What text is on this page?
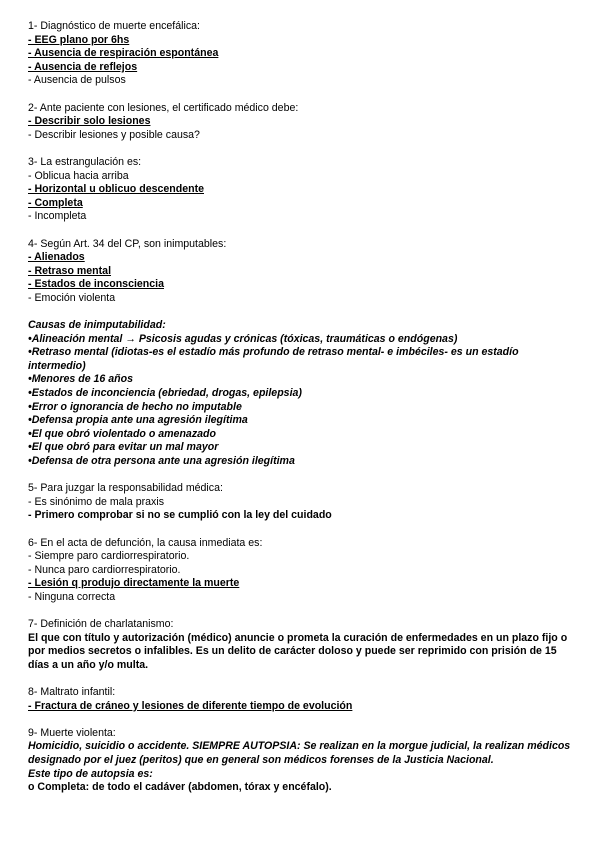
1- Diagnóstico de muerte encefálica:
- EEG plano por 6hs
- Ausencia de respiración espontánea
- Ausencia de reflejos
- Ausencia de pulsos
2- Ante paciente con lesiones, el certificado médico debe:
- Describir solo lesiones
- Describir lesiones y posible causa?
3- La estrangulación es:
- Oblicua hacia arriba
- Horizontal u oblicuo descendente
- Completa
- Incompleta
4- Según Art. 34 del CP, son inimputables:
- Alienados
- Retraso mental
- Estados de inconsciencia
- Emoción violenta
Causas de inimputabilidad:
•Alineación mental → Psicosis agudas y crónicas (tóxicas, traumáticas o endógenas)
•Retraso mental (idiotas-es el estadío más profundo de retraso mental- e imbéciles- es un estadío intermedio)
•Menores de 16 años
•Estados de inconciencia (ebriedad, drogas, epilepsia)
•Error o ignorancia de hecho no imputable
•Defensa propia ante una agresión ilegítima
•El que obró violentado o amenazado
•El que obró para evitar un mal mayor
•Defensa de otra persona ante una agresión ilegítima
5- Para juzgar la responsabilidad médica:
- Es sinónimo de mala praxis
- Primero comprobar si no se cumplió con la ley del cuidado
6- En el acta de defunción, la causa inmediata es:
- Siempre paro cardiorrespiratorio.
- Nunca paro cardiorrespiratorio.
- Lesión q produjo directamente la muerte
- Ninguna correcta
7- Definición de charlatanismo:
El que con título y autorización (médico) anuncie o prometa la curación de enfermedades en un plazo fijo o por medios secretos o infalibles. Es un delito de carácter doloso y puede ser reprimido con prisión de 15 días a un año y/o multa.
8- Maltrato infantil:
- Fractura de cráneo y lesiones de diferente tiempo de evolución
9- Muerte violenta:
Homicidio, suicidio o accidente. SIEMPRE AUTOPSIA: Se realizan en la morgue judicial, la realizan médicos designado por el juez (peritos) que en general son médicos forenses de la Justicia Nacional.
Este tipo de autopsia es:
o Completa: de todo el cadáver (abdomen, tórax y encéfalo).
